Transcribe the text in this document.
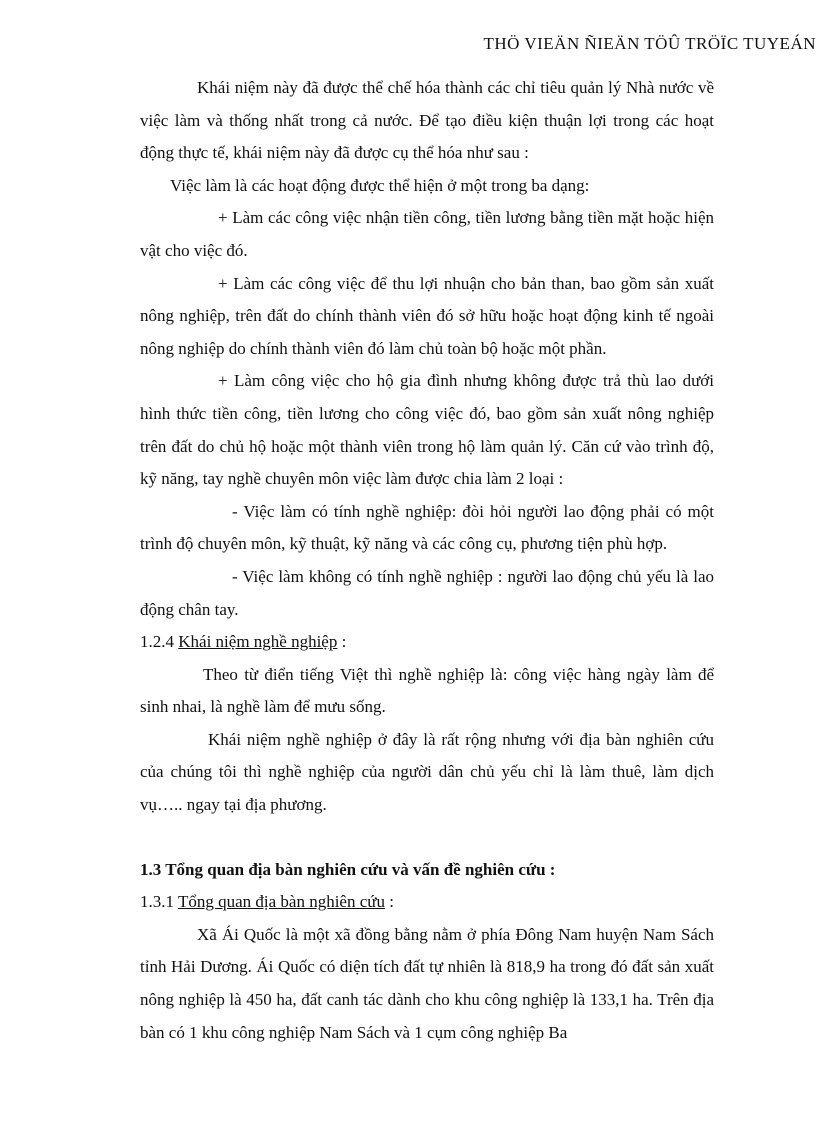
THÖ VIEÄN ÑIEÄN TÖÛ TRÖÏC TUYEÁN

Khái niệm này đã được thể chế hóa thành các chỉ tiêu quản lý Nhà nước về việc làm và thống nhất trong cả nước. Để tạo điều kiện thuận lợi trong các hoạt động thực tế, khái niệm này đã được cụ thể hóa như sau :

Việc làm là các hoạt động được thể hiện ở một trong ba dạng:

+ Làm các công việc nhận tiền công, tiền lương bằng tiền mặt hoặc hiện vật cho việc đó.

+ Làm các công việc để thu lợi nhuận cho bản than, bao gồm sản xuất nông nghiệp, trên đất do chính thành viên đó sở hữu hoặc hoạt động kinh tế ngoài nông nghiệp do chính thành viên đó làm chủ toàn bộ hoặc một phần.

+ Làm công việc cho hộ gia đình nhưng không được trả thù lao dưới hình thức tiền công, tiền lương cho công việc đó, bao gồm sản xuất nông nghiệp trên đất do chủ hộ hoặc một thành viên trong hộ làm quản lý. Căn cứ vào trình độ, kỹ năng, tay nghề chuyên môn việc làm được chia làm 2 loại :

- Việc làm có tính nghề nghiệp: đòi hỏi người lao động phải có một trình độ chuyên môn, kỹ thuật, kỹ năng và các công cụ, phương tiện phù hợp.

- Việc làm không có tính nghề nghiệp : người lao động chủ yếu là lao động chân tay.

1.2.4 Khái niệm nghề nghiệp :

Theo từ điển tiếng Việt thì nghề nghiệp là: công việc hàng ngày làm để sinh nhai, là nghề làm để mưu sống.

Khái niệm nghề nghiệp ở đây là rất rộng nhưng với địa bàn nghiên cứu của chúng tôi thì nghề nghiệp của người dân chủ yếu chỉ là làm thuê, làm dịch vụ….. ngay tại địa phương.

1.3 Tổng quan địa bàn nghiên cứu và vấn đề nghiên cứu :

1.3.1 Tổng quan địa bàn nghiên cứu :

Xã Ái Quốc là một xã đồng bằng nằm ở phía Đông Nam huyện Nam Sách tỉnh Hải Dương. Ái Quốc có diện tích đất tự nhiên là 818,9 ha trong đó đất sản xuất nông nghiệp là 450 ha, đất canh tác dành cho khu công nghiệp là 133,1 ha. Trên địa bàn có 1 khu công nghiệp Nam Sách và 1 cụm công nghiệp Ba
